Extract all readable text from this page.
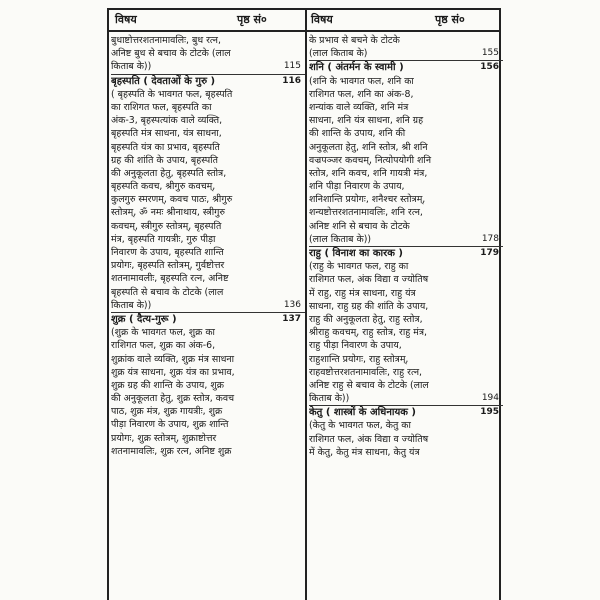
विषय	पृष्ठ सं०	विषय	पृष्ठ सं०
बुधाष्टोत्तरशतनामावलिः, बुध रत्न,
अनिष्ट बुध से बचाव के टोटके (लाल
किताब के))	115
बृहस्पति ( देवताओं के गुरु )	116
( बृहस्पति के भावगत फल, बृहस्पति
का राशिगत फल, बृहस्पति का
अंक-3, बृहस्पत्यांक वाले व्यक्ति,
बृहस्पति मंत्र साधना, यंत्र साधना,
बृहस्पति यंत्र का प्रभाव, बृहस्पति
ग्रह की शांति के उपाय, बृहस्पति
की अनुकूलता हेतु, बृहस्पति स्तोत्र,
बृहस्पति कवच, श्रीगुरु कवचम्,
कुलगुरु स्मरणम्, कवच पाठः, श्रीगुरु
स्तोत्रम्, ॐ नमः श्रीनाथाय, स्त्रीगुरु
कवचम्, स्त्रीगुरु स्तोत्रम्, बृहस्पति
मंत्र, बृहस्पति गायत्रीः, गुरु पीड़ा
निवारण के उपाय, बृहस्पति शान्ति
प्रयोगः, बृहस्पति स्तोत्रम्, गुर्वष्टोत्तर
शतनामावलीः, बृहस्पति रत्न, अनिष्ट
बृहस्पति से बचाव के टोटके (लाल
किताब के))	136
शुक्र ( दैत्य-गुरू )	137
(शुक्र के भावगत फल, शुक्र का
राशिगत फल, शुक्र का अंक-6,
शुक्रांक वाले व्यक्ति, शुक्र मंत्र साधना
शुक्र यंत्र साधना, शुक्र यंत्र का प्रभाव,
शुक्र ग्रह की शान्ति के उपाय, शुक्र
की अनुकूलता हेतु, शुक्र स्तोत्र, कवच
पाठ, शुक्र मंत्र, शुक्र गायत्रीः, शुक्र
पीड़ा निवारण के उपाय, शुक्र शान्ति
प्रयोगः, शुक्र स्तोत्रम्, शुक्राष्टोत्तर
शतनामावलिः, शुक्र रत्न, अनिष्ट शुक्र
के प्रभाव से बचने के टोटके
(लाल किताब के)	155
शनि ( अंतर्मन के स्वामी )	156
(शनि के भावगत फल, शनि का
राशिगत फल, शनि का अंक-8,
शन्यांक वाले व्यक्ति, शनि मंत्र
साधना, शनि यंत्र साधना, शनि ग्रह
की शान्ति के उपाय, शनि की
अनुकूलता हेतु, शनि स्तोत्र, श्री शनि
वज्रपञ्जर कवचम्, नित्योपयोगी शनि
स्तोत्र, शनि कवच, शनि गायत्री मंत्र,
शनि पीड़ा निवारण के उपाय,
शनिशान्ति प्रयोगः, शनैश्चर स्तोत्रम्,
शन्यष्टोत्तरशतनामावलिः, शनि रत्न,
अनिष्ट शनि से बचाव के टोटके
(लाल किताब के))	178
राहु ( विनाश का कारक )	179
(राहु के भावगत फल, राहु का
राशिगत फल, अंक विद्या व ज्योतिष
में राहु, राहु मंत्र साधना, राहु यंत्र
साधना, राहु ग्रह की शांति के उपाय,
राहु की अनुकूलता हेतु, राहु स्तोत्र,
श्रीराहु कवचम्, राहु स्तोत्र, राहु मंत्र,
राहु पीड़ा निवारण के उपाय,
राहुशान्ति प्रयोगः, राहु स्तोत्रम्,
राहवष्टोत्तरशतनामावलिः, राहु रत्न,
अनिष्ट राहु से बचाव के टोटके (लाल
किताब के))	194
केतु ( शास्त्रों के अधिनायक )	195
(केतु के भावगत फल, केतु का
राशिगत फल, अंक विद्या व ज्योतिष
में केतु, केतु मंत्र साधना, केतु यंत्र
